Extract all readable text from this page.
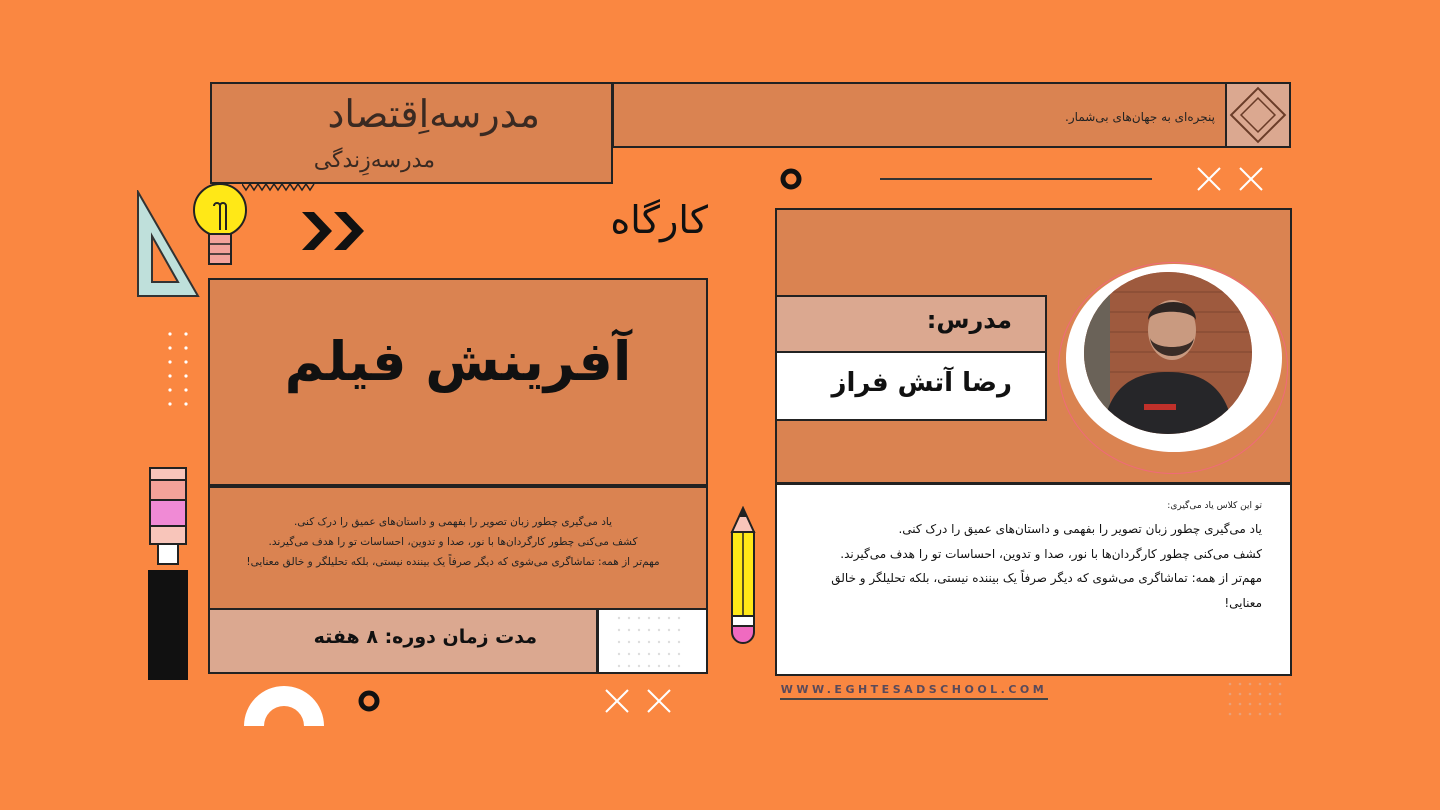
مدرسه‌اِقتصاد
مدرسه‌زِندگی
پنجره‌ای به جهان‌های بی‌شمار.
کارگاه
آفرینش فیلم
یاد می‌گیری چطور زبان تصویر را بفهمی و داستان‌های عمیق را درک کنی.
کشف می‌کنی چطور کارگردان‌ها با نور، صدا و تدوین، احساسات تو را هدف می‌گیرند.
مهم‌تر از همه: تماشاگری می‌شوی که دیگر صرفاً یک بیننده نیستی، بلکه تحلیلگر و خالق معنایی!
مدت زمان دوره: ۸ هفته
مدرس:
رضا آتش فراز
تو این کلاس یاد می‌گیری:
یاد می‌گیری چطور زبان تصویر را بفهمی و داستان‌های عمیق را درک کنی.
کشف می‌کنی چطور کارگردان‌ها با نور، صدا و تدوین، احساسات تو را هدف می‌گیرند.
مهم‌تر از همه: تماشاگری می‌شوی که دیگر صرفاً یک بیننده نیستی، بلکه تحلیلگر و خالق معنایی!
WWW.EGHTESADSCHOOL.COM
